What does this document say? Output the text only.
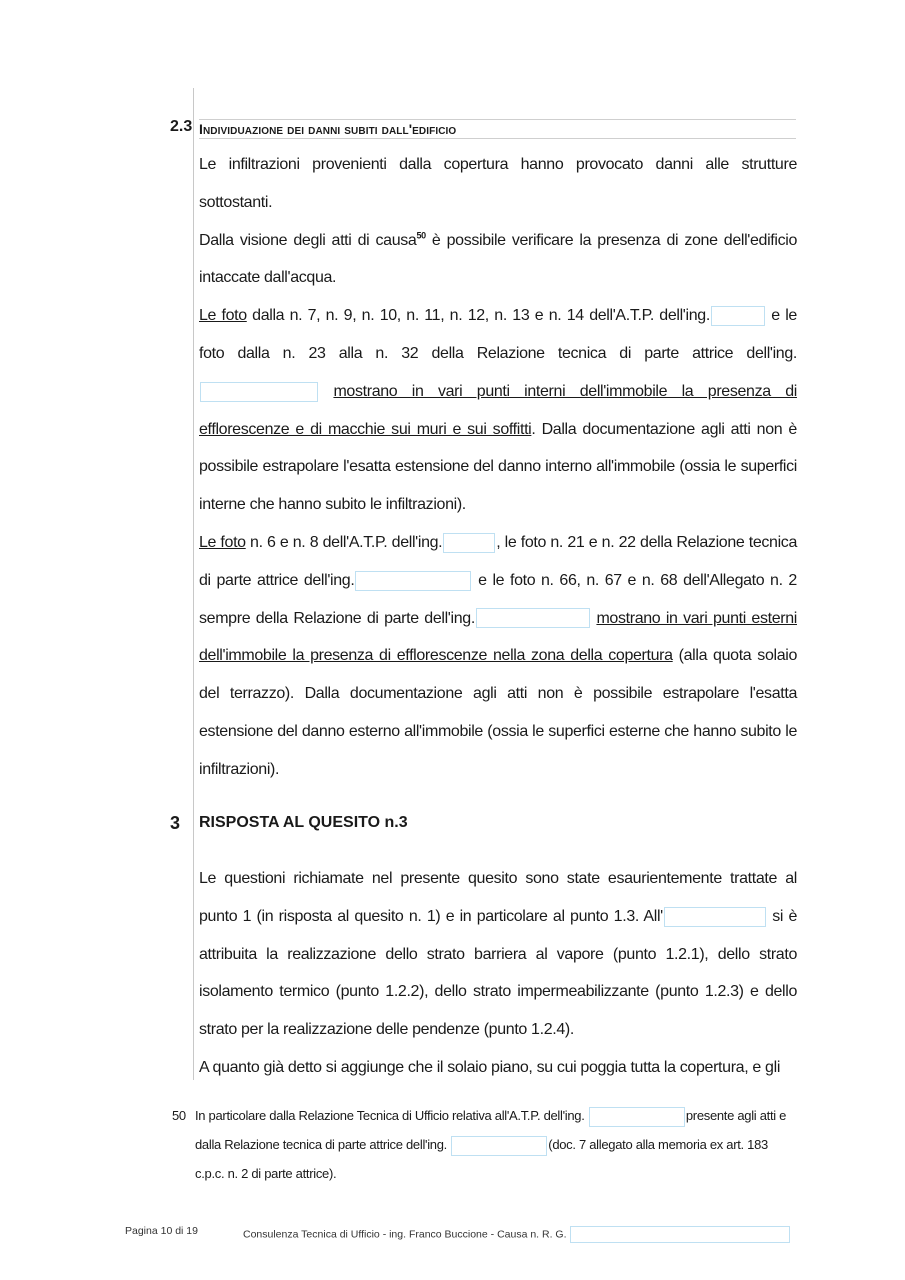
2.3 Individuazione dei danni subiti dall'edificio

Le infiltrazioni provenienti dalla copertura hanno provocato danni alle strutture sottostanti.

Dalla visione degli atti di causa$^{50}$ è possibile verificare la presenza di zone dell'edificio intaccate dall'acqua.

Le foto dalla n. 7, n. 9, n. 10, n. 11, n. 12, n. 13 e n. 14 dell'A.T.P. dell'ing.	e le foto dalla n. 23 alla n. 32 della Relazione tecnica di parte attrice dell'ing.  mostrano in vari punti interni dell'immobile la presenza di efflorescenze e di macchie sui muri e sui soffitti. Dalla documentazione agli atti non è possibile estrapolare l'esatta estensione del danno interno all'immobile (ossia le superfici interne che hanno subito le infiltrazioni).

Le foto n. 6 e n. 8 dell'A.T.P. dell'ing.	, le foto n. 21 e n. 22 della Relazione tecnica di parte attrice dell'ing.	e le foto n. 66, n. 67 e n. 68 dell'Allegato n. 2 sempre della Relazione di parte dell'ing.	mostrano in vari punti esterni dell'immobile la presenza di efflorescenze nella zona della copertura (alla quota solaio del terrazzo). Dalla documentazione agli atti non è possibile estrapolare l'esatta estensione del danno esterno all'immobile (ossia le superfici esterne che hanno subito le infiltrazioni).

3 RISPOSTA AL QUESITO n.3

Le questioni richiamate nel presente quesito sono state esaurientemente trattate al punto 1 (in risposta al quesito n. 1) e in particolare al punto 1.3. All'	si è attribuita la realizzazione dello strato barriera al vapore (punto 1.2.1), dello strato isolamento termico (punto 1.2.2), dello strato impermeabilizzante (punto 1.2.3) e dello strato per la realizzazione delle pendenze (punto 1.2.4).

A quanto già detto si aggiunge che il solaio piano, su cui poggia tutta la copertura, e gli

50 In particolare dalla Relazione Tecnica di Ufficio relativa all'A.T.P. dell'ing.	presente agli atti e dalla Relazione tecnica di parte attrice dell'ing.	(doc. 7 allegato alla memoria ex art. 183 c.p.c. n. 2 di parte attrice).

Pagina 10 di 19	Consulenza Tecnica di Ufficio - ing. Franco Buccione - Causa n. R. G.
